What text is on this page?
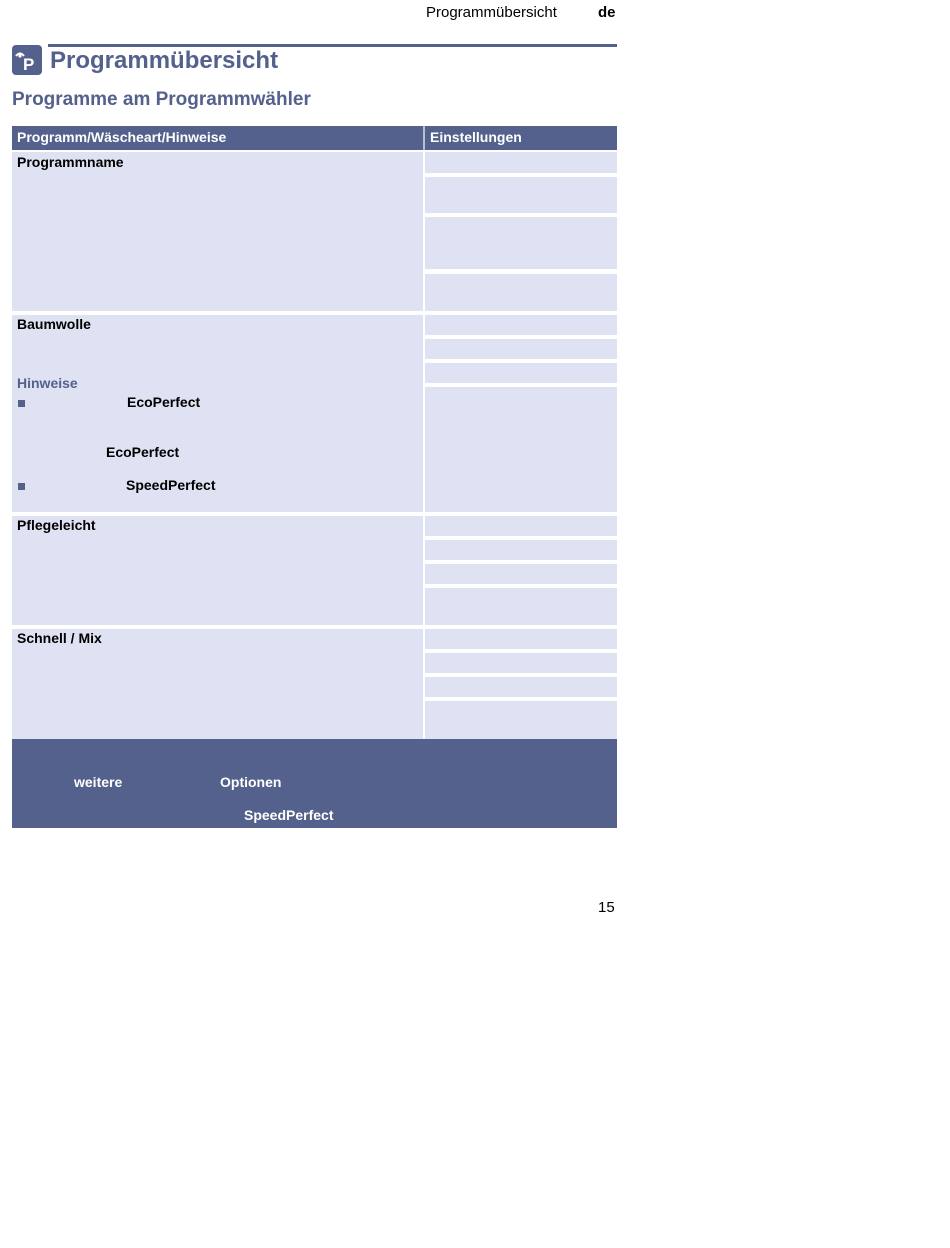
Programmübersicht	de
P Programmübersicht
Programme am Programmwähler
Programm/Wäscheart/Hinweise	Einstellungen
Programmname
Baumwolle
Hinweise
EcoPerfect
EcoPerfect
SpeedPerfect
Pflegeleicht
Schnell / Mix
weitere	Optionen
SpeedPerfect
15
